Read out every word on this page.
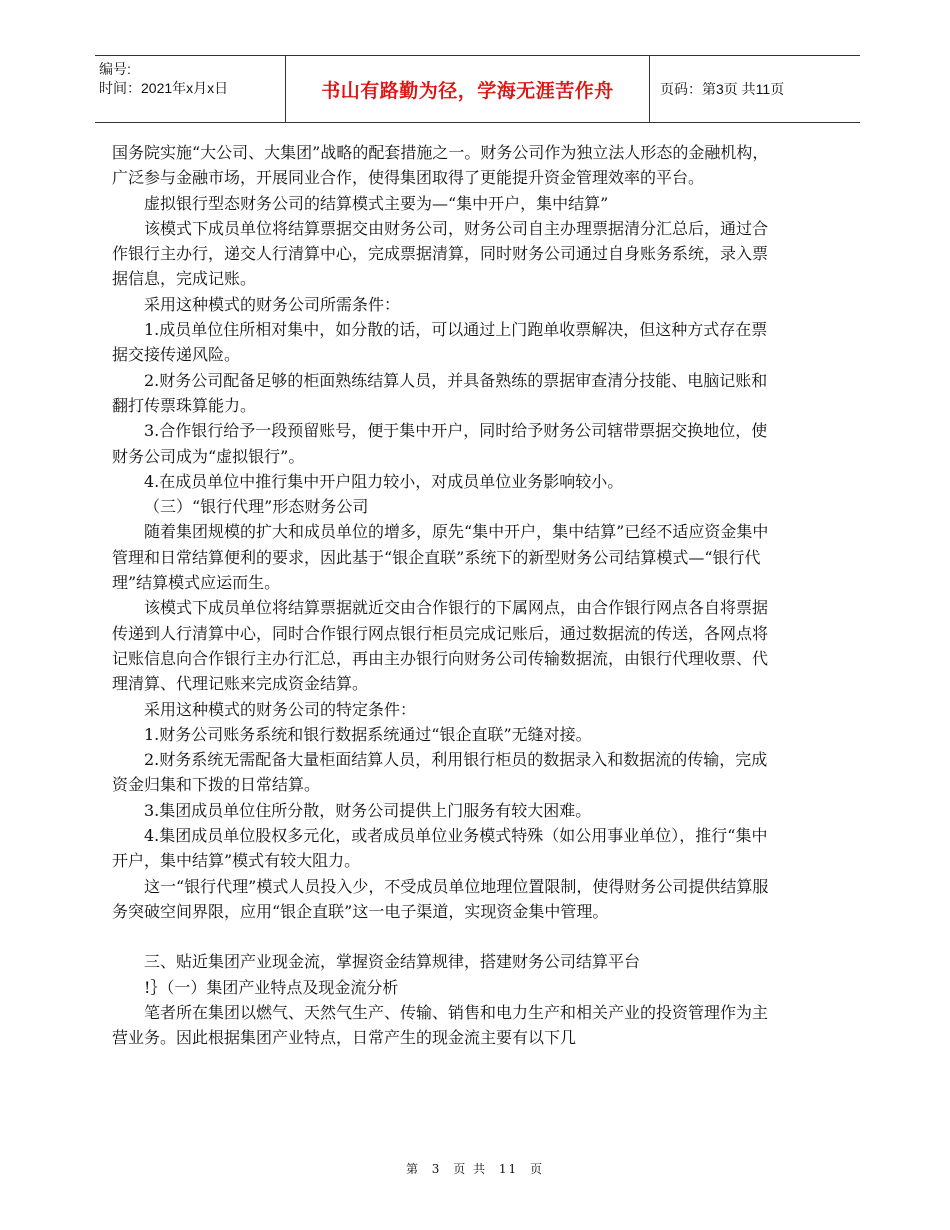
编号:
时间：2021年x月x日	书山有路勤为径，学海无涯苦作舟	页码：第3页 共11页

国务院实施“大公司、大集团”战略的配套措施之一。财务公司作为独立法人形态的金融机构，广泛参与金融市场，开展同业合作，使得集团取得了更能提升资金管理效率的平台。

虚拟银行型态财务公司的结算模式主要为—“集中开户，集中结算”

该模式下成员单位将结算票据交由财务公司，财务公司自主办理票据清分汇总后，通过合作银行主办行，递交人行清算中心，完成票据清算，同时财务公司通过自身账务系统，录入票据信息，完成记账。

采用这种模式的财务公司所需条件：

1.成员单位住所相对集中，如分散的话，可以通过上门跑单收票解决，但这种方式存在票据交接传递风险。

2.财务公司配备足够的柜面熟练结算人员，并具备熟练的票据审查清分技能、电脑记账和翻打传票珠算能力。

3.合作银行给予一段预留账号，便于集中开户，同时给予财务公司辖带票据交换地位，使财务公司成为“虚拟银行”。

4.在成员单位中推行集中开户阻力较小，对成员单位业务影响较小。

（三）“银行代理”形态财务公司

随着集团规模的扩大和成员单位的增多，原先“集中开户，集中结算”已经不适应资金集中管理和日常结算便利的要求，因此基于“银企直联”系统下的新型财务公司结算模式—“银行代理”结算模式应运而生。

该模式下成员单位将结算票据就近交由合作银行的下属网点，由合作银行网点各自将票据传递到人行清算中心，同时合作银行网点银行柜员完成记账后，通过数据流的传送，各网点将记账信息向合作银行主办行汇总，再由主办银行向财务公司传输数据流，由银行代理收票、代理清算、代理记账来完成资金结算。

采用这种模式的财务公司的特定条件：

1.财务公司账务系统和银行数据系统通过“银企直联”无缝对接。

2.财务系统无需配备大量柜面结算人员，利用银行柜员的数据录入和数据流的传输，完成资金归集和下拨的日常结算。

3.集团成员单位住所分散，财务公司提供上门服务有较大困难。

4.集团成员单位股权多元化，或者成员单位业务模式特殊（如公用事业单位），推行“集中开户，集中结算”模式有较大阻力。

这一“银行代理”模式人员投入少，不受成员单位地理位置限制，使得财务公司提供结算服务突破空间界限，应用“银企直联”这一电子渠道，实现资金集中管理。

三、贴近集团产业现金流，掌握资金结算规律，搭建财务公司结算平台

!｝（一）集团产业特点及现金流分析

笔者所在集团以燃气、天然气生产、传输、销售和电力生产和相关产业的投资管理作为主营业务。因此根据集团产业特点，日常产生的现金流主要有以下几

第 3 页 共 11 页
